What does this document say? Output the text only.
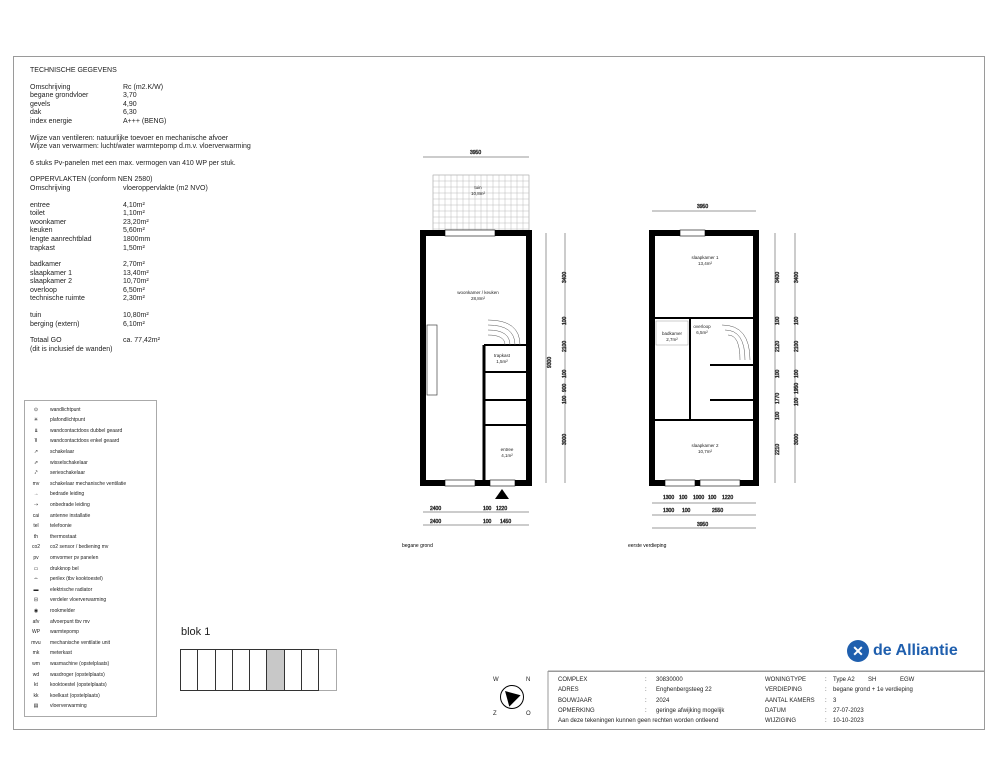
TECHNISCHE GEGEVENS
Omschrijving	Rc (m2.K/W)
begane grondvloer	3,70
gevels	4,90
dak	6,30
index energie	A+++ (BENG)
Wijze van ventileren: natuurlijke toevoer en mechanische afvoer
Wijze van verwarmen: lucht/water warmtepomp d.m.v. vloerverwarming
6 stuks Pv-panelen met een max. vermogen van 410 WP per stuk.
OPPERVLAKTEN (conform NEN 2580)
Omschrijving	vloeroppervlakte (m2 NVO)
entree	4,10m²
toilet	1,10m²
woonkamer	23,20m²
keuken	5,60m²
lengte aanrechtblad	1800mm
trapkast	1,50m²
badkamer	2,70m²
slaapkamer 1	13,40m²
slaapkamer 2	10,70m²
overloop	6,50m²
technische ruimte	2,30m²
tuin	10,80m²
berging (extern)	6,10m²
Totaal GO	ca. 77,42m²
(dit is inclusief de wanden)
⊙	wandlichtpunt
✳	plafondlichtpunt
⫫	wandcontactdoos dubbel geaard
⫪	wandcontactdoos enkel geaard
↗	schakelaar
⇗	wisselschakelaar
⤤	serieschakelaar
mv	schakelaar mechanische ventilatie
→	bedrade leiding
⇢	onbedrade leiding
cai	antenne installatie
tel	telefoonie
th	thermostaat
co2	co2 sensor / bediening mv
pv	omvormer pv panelen
▭	drukknop bel
⩪	perilex (tbv kooktoestel)
▬	elektrische radiator
⊟	verdeler vloerverwarming
◉	rookmelder
afv	afvoerpunt tbv mv
WP	warmtepomp
mvu	mechanische ventilatie unit
mk	meterkast
wm	wasmachine (opstelplaats)
wd	wasdroger (opstelplaats)
kt	kooktoestel (opstelplaats)
kk	koelkast (opstelplaats)
▤	vloerverwarming
blok 1
3950
2400	100 1220
2400	100 1450
3400
100
2100
100
900
100
3000
9300
tuin
10,8m²
woonkamer / keuken
28,8m²
trapkast
1,5m²
entree
4,1m²
begane grond
3950
1300 100 1000 100 1220
1300 100	2550
3950
3400
100
2120
100
1770
100
2210
3400
100
2100
100
1950
100
3000
slaapkamer 1
13,4m²
badkamer
2,7m²
overloop
6,5m²
slaapkamer 2
10,7m²
eerste verdieping
W	N
Z	O
✕ de Alliantie
COMPLEX	: 30830000
ADRES	: Enghenbergsteeg 22
BOUWJAAR	: 2024
OPMERKING	: geringe afwijking mogelijk
Aan deze tekeningen kunnen geen rechten worden ontleend
WONINGTYPE	: Type A2 SH	EGW
VERDIEPING	: begane grond + 1e verdieping
AANTAL KAMERS : 3
DATUM	: 27-07-2023
WIJZIGING	: 10-10-2023
